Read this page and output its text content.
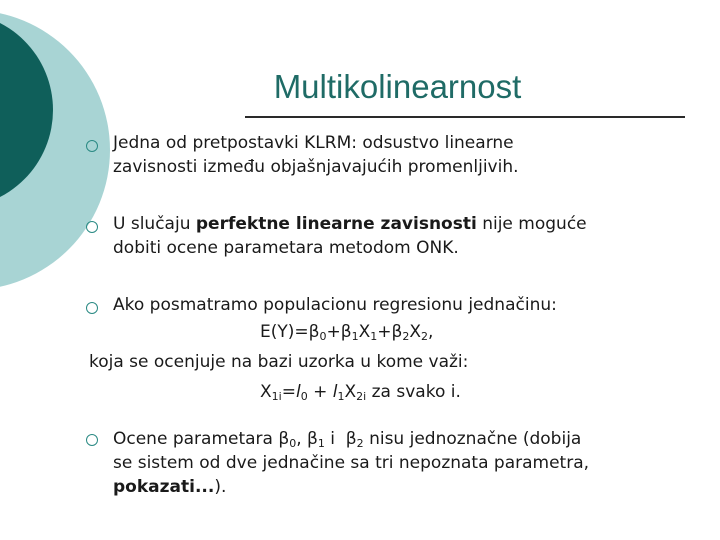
Multikolinearnost
Jedna od pretpostavki KLRM: odsustvo linearne
zavisnosti između objašnjavajućih promenljivih.
U slučaju perfektne linearne zavisnosti nije moguće
dobiti ocene parametara metodom ONK.
Ako posmatramo populacionu regresionu jednačinu:
$E(Y)=\beta_0+\beta_1X_1+\beta_2X_2$,
koja se ocenjuje na bazi uzorka u kome važi:
$X_{1i}=l_0 + l_1X_{2i}$ za svako i.
Ocene parametara $\beta_0$, $\beta_1$ i  $\beta_2$ nisu jednoznačne (dobija
se sistem od dve jednačine sa tri nepoznata parametra,
pokazati...).
